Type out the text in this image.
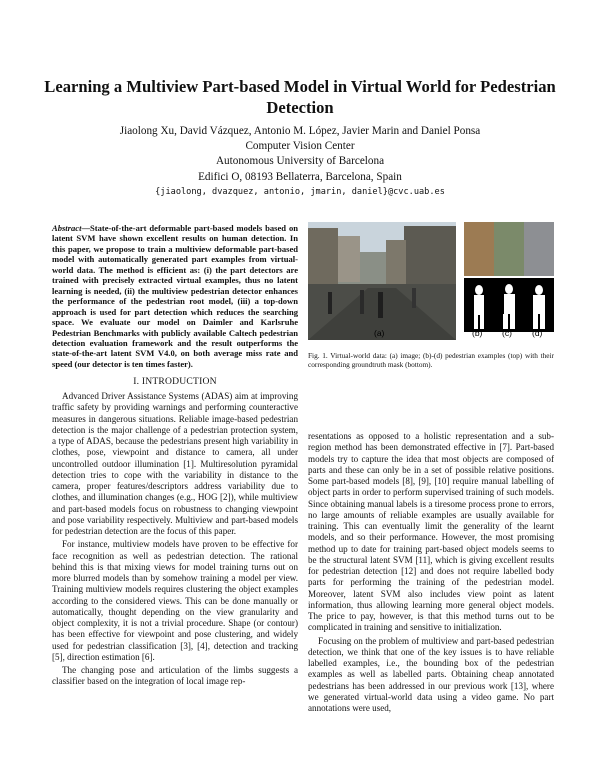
Learning a Multiview Part-based Model in Virtual World for Pedestrian Detection
Jiaolong Xu, David Vázquez, Antonio M. López, Javier Marin and Daniel Ponsa
Computer Vision Center
Autonomous University of Barcelona
Edifici O, 08193 Bellaterra, Barcelona, Spain
{jiaolong, dvazquez, antonio, jmarin, daniel}@cvc.uab.es
Abstract—State-of-the-art deformable part-based models based on latent SVM have shown excellent results on human detection. In this paper, we propose to train a multiview deformable part-based model with automatically generated part examples from virtual-world data. The method is efficient as: (i) the part detectors are trained with precisely extracted virtual examples, thus no latent learning is needed, (ii) the multiview pedestrian detector enhances the performance of the pedestrian root model, (iii) a top-down approach is used for part detection which reduces the searching space. We evaluate our model on Daimler and Karlsruhe Pedestrian Benchmarks with publicly available Caltech pedestrian detection evaluation framework and the result outperforms the state-of-the-art latent SVM V4.0, on both average miss rate and speed (our detector is ten times faster).
I. INTRODUCTION

Advanced Driver Assistance Systems (ADAS) aim at improving traffic safety by providing warnings and performing counteractive measures in dangerous situations. Reliable image-based pedestrian detection is the major challenge of a pedestrian protection system, a type of ADAS, because the pedestrians present high variability in clothes, pose, viewpoint and distance to camera, all under uncontrolled outdoor illumination [1]. Multiresolution pyramidal detection tries to cope with the variability in distance to the camera, proper features/descriptors address variability due to clothes, and illumination changes (e.g., HOG [2]), while multiview and part-based models focus on robustness to changing viewpoint and pose variability respectively. Multiview and part-based models for pedestrian detection are the focus of this paper.

For instance, multiview models have proven to be effective for face recognition as well as pedestrian detection. The rational behind this is that mixing views for model training turns out on more blurred models than by somehow training a model per view. Training multiview models requires clustering the object examples according to the considered views. This can be done manually or automatically, thought depending on the view granularity and object complexity, it is not a trivial procedure. Shape (or contour) has been effective for viewpoint and pose clustering, and widely used for pedestrian classification [3], [4], detection and tracking [5], direction estimation [6].

The changing pose and articulation of the limbs suggests a classifier based on the integration of local image rep-

(a)	(b) (c) (d)
Fig. 1. Virtual-world data: (a) image; (b)-(d) pedestrian examples (top) with their corresponding groundtruth mask (bottom).

resentations as opposed to a holistic representation and a sub-region method has been demonstrated effective in [7]. Part-based models try to capture the idea that most objects are composed of parts and these can only be in a set of possible relative positions. Some part-based models [8], [9], [10] require manual labelling of object parts in order to perform supervised training of such models. Since obtaining manual labels is a tiresome process prone to errors, no large amounts of reliable examples are usually available for training. This can eventually limit the generality of the learnt models, and so their performance. However, the most promising method up to date for training part-based object models seems to be the structural latent SVM [11], which is giving excellent results for pedestrian detection [12] and does not require labelled body parts for performing the training of the pedestrian model. Moreover, latent SVM also includes view point as latent information, thus allowing learning more general object models. The price to pay, however, is that this method turns out to be complicated in training and sensitive to initialization.

Focusing on the problem of multiview and part-based pedestrian detection, we think that one of the key issues is to have reliable labelled examples, i.e., the bounding box of the pedestrian examples as well as labelled parts. Obtaining cheap annotated pedestrians has been addressed in our previous work [13], where we generated virtual-world data using a video game. No part annotations were used,
